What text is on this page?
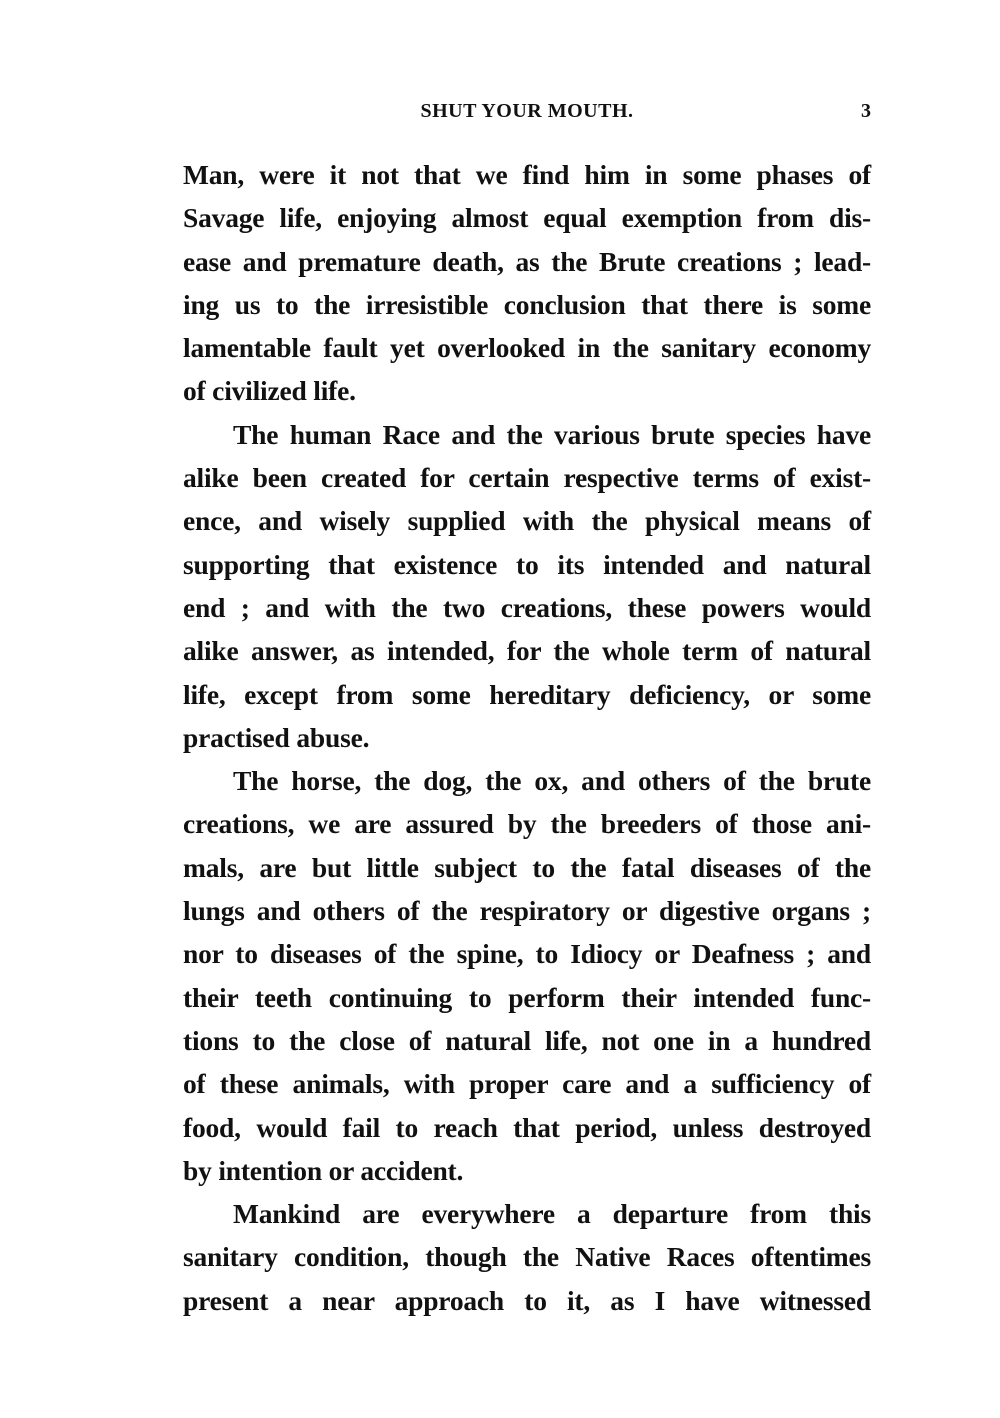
SHUT YOUR MOUTH.	3
Man, were it not that we find him in some phases of
Savage life, enjoying almost equal exemption from dis-
ease and premature death, as the Brute creations ; lead-
ing us to the irresistible conclusion that there is some
lamentable fault yet overlooked in the sanitary economy
of civilized life.
The human Race and the various brute species have
alike been created for certain respective terms of exist-
ence, and wisely supplied with the physical means of
supporting that existence to its intended and natural
end ; and with the two creations, these powers would
alike answer, as intended, for the whole term of natural
life, except from some hereditary deficiency, or some
practised abuse.
The horse, the dog, the ox, and others of the brute
creations, we are assured by the breeders of those ani-
mals, are but little subject to the fatal diseases of the
lungs and others of the respiratory or digestive organs ;
nor to diseases of the spine, to Idiocy or Deafness ; and
their teeth continuing to perform their intended func-
tions to the close of natural life, not one in a hundred
of these animals, with proper care and a sufficiency of
food, would fail to reach that period, unless destroyed
by intention or accident.
Mankind are everywhere a departure from this
sanitary condition, though the Native Races oftentimes
present a near approach to it, as I have witnessed
